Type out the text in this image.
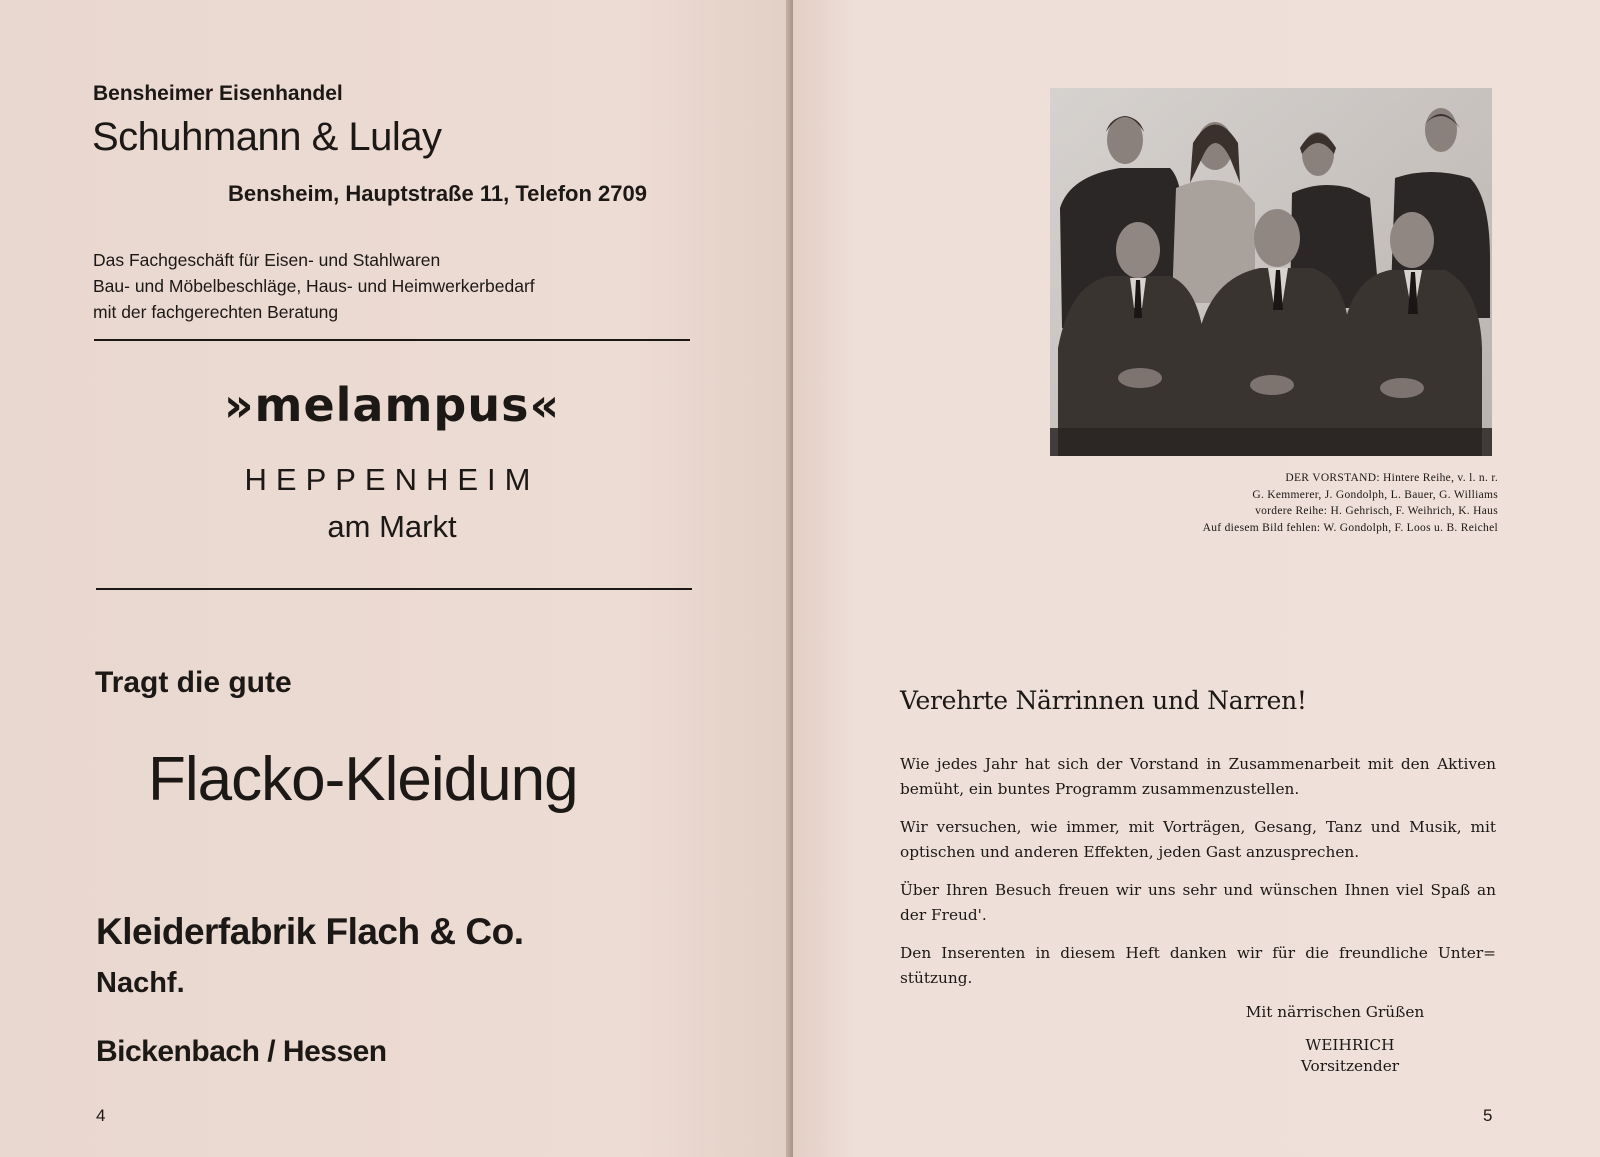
Bensheimer Eisenhandel
Schuhmann & Lulay
Bensheim, Hauptstraße 11, Telefon 2709
Das Fachgeschäft für Eisen- und Stahlwaren
Bau- und Möbelbeschläge, Haus- und Heimwerkerbedarf
mit der fachgerechten Beratung
»melampus«
HEPPENHEIM
am Markt
Tragt die gute
Flacko-Kleidung
Kleiderfabrik Flach & Co.
Nachf.
Bickenbach / Hessen
4
DER VORSTAND: Hintere Reihe, v. l. n. r.
G. Kemmerer, J. Gondolph, L. Bauer, G. Williams
vordere Reihe: H. Gehrisch, F. Weihrich, K. Haus
Auf diesem Bild fehlen: W. Gondolph, F. Loos u. B. Reichel
Verehrte Närrinnen und Narren!

Wie jedes Jahr hat sich der Vorstand in Zusammenarbeit mit den Aktiven bemüht, ein buntes Programm zusammenzustellen.

Wir versuchen, wie immer, mit Vorträgen, Gesang, Tanz und Musik, mit optischen und anderen Effekten, jeden Gast anzusprechen.

Über Ihren Besuch freuen wir uns sehr und wünschen Ihnen viel Spaß an der Freud'.

Den Inserenten in diesem Heft danken wir für die freundliche Unter= stützung.

Mit närrischen Grüßen
WEIHRICH
Vorsitzender
5
